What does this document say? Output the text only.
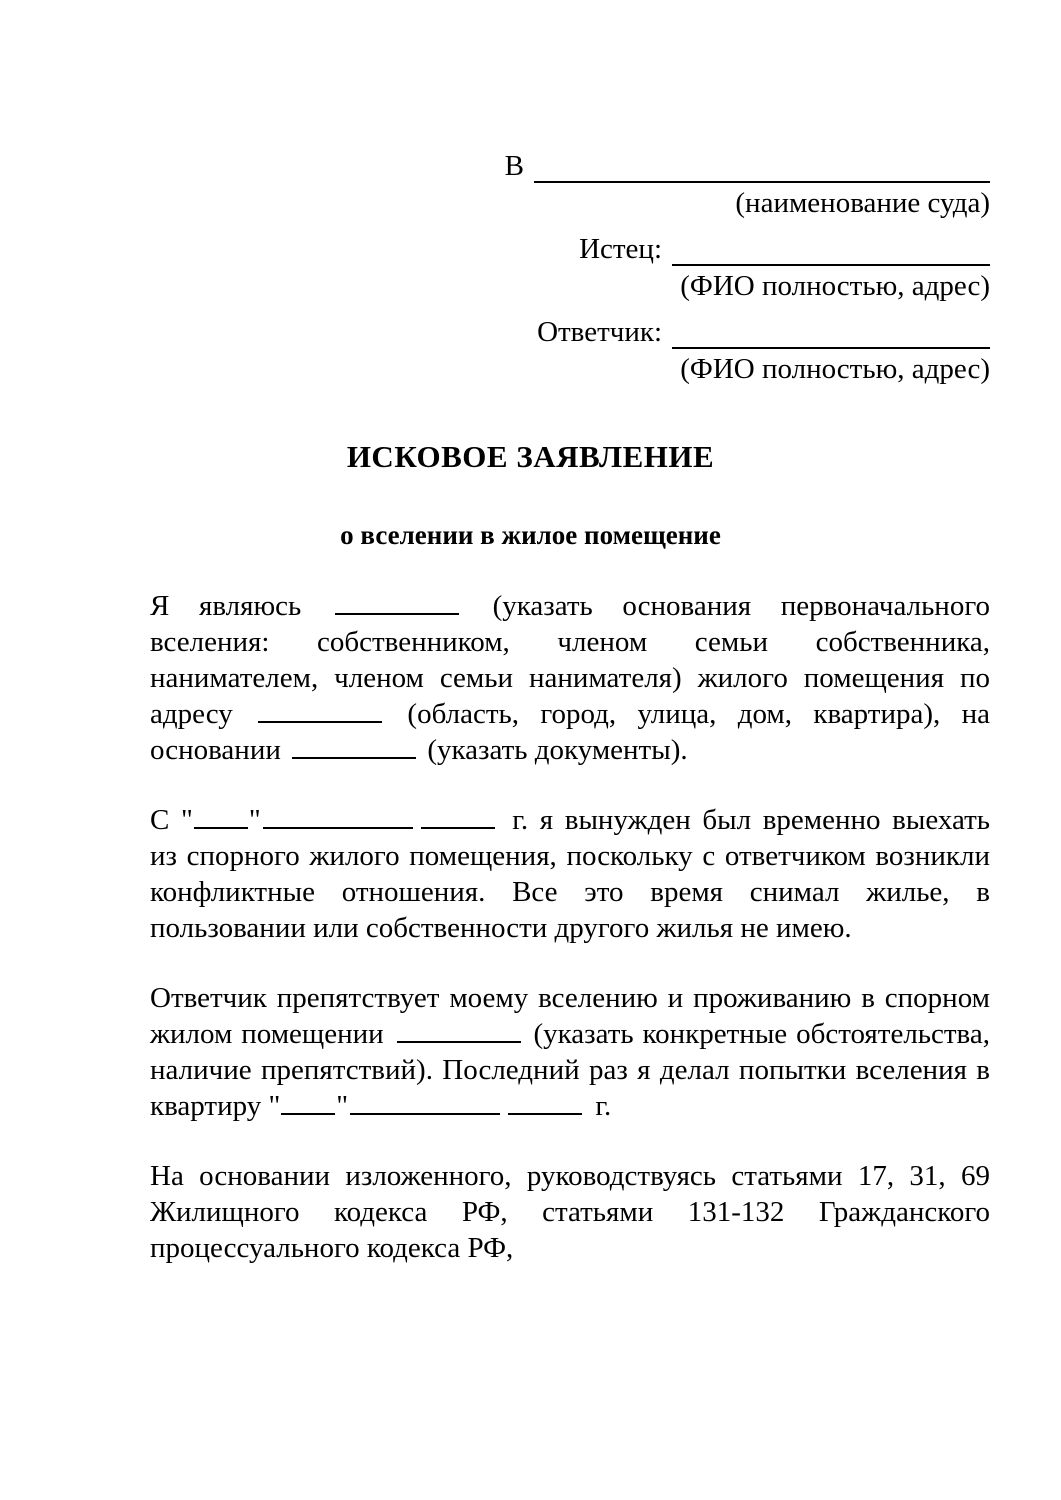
В
(наименование суда)
Истец:
(ФИО полностью, адрес)
Ответчик:
(ФИО полностью, адрес)
ИСКОВОЕ ЗАЯВЛЕНИЕ
о вселении в жилое помещение

Я являюсь	(указать основания первоначального вселения: собственником, членом семьи собственника, нанимателем, членом семьи нанимателя) жилого помещения по адресу	(область, город, улица, дом, квартира), на основании	(указать документы).

С " "	г. я вынужден был временно выехать из спорного жилого помещения, поскольку с ответчиком возникли конфликтные отношения. Все это время снимал жилье, в пользовании или собственности другого жилья не имею.

Ответчик препятствует моему вселению и проживанию в спорном жилом помещении	(указать конкретные обстоятельства, наличие препятствий). Последний раз я делал попытки вселения в квартиру " "	г.

На основании изложенного, руководствуясь статьями 17, 31, 69 Жилищного кодекса РФ, статьями 131-132 Гражданского процессуального кодекса РФ,
